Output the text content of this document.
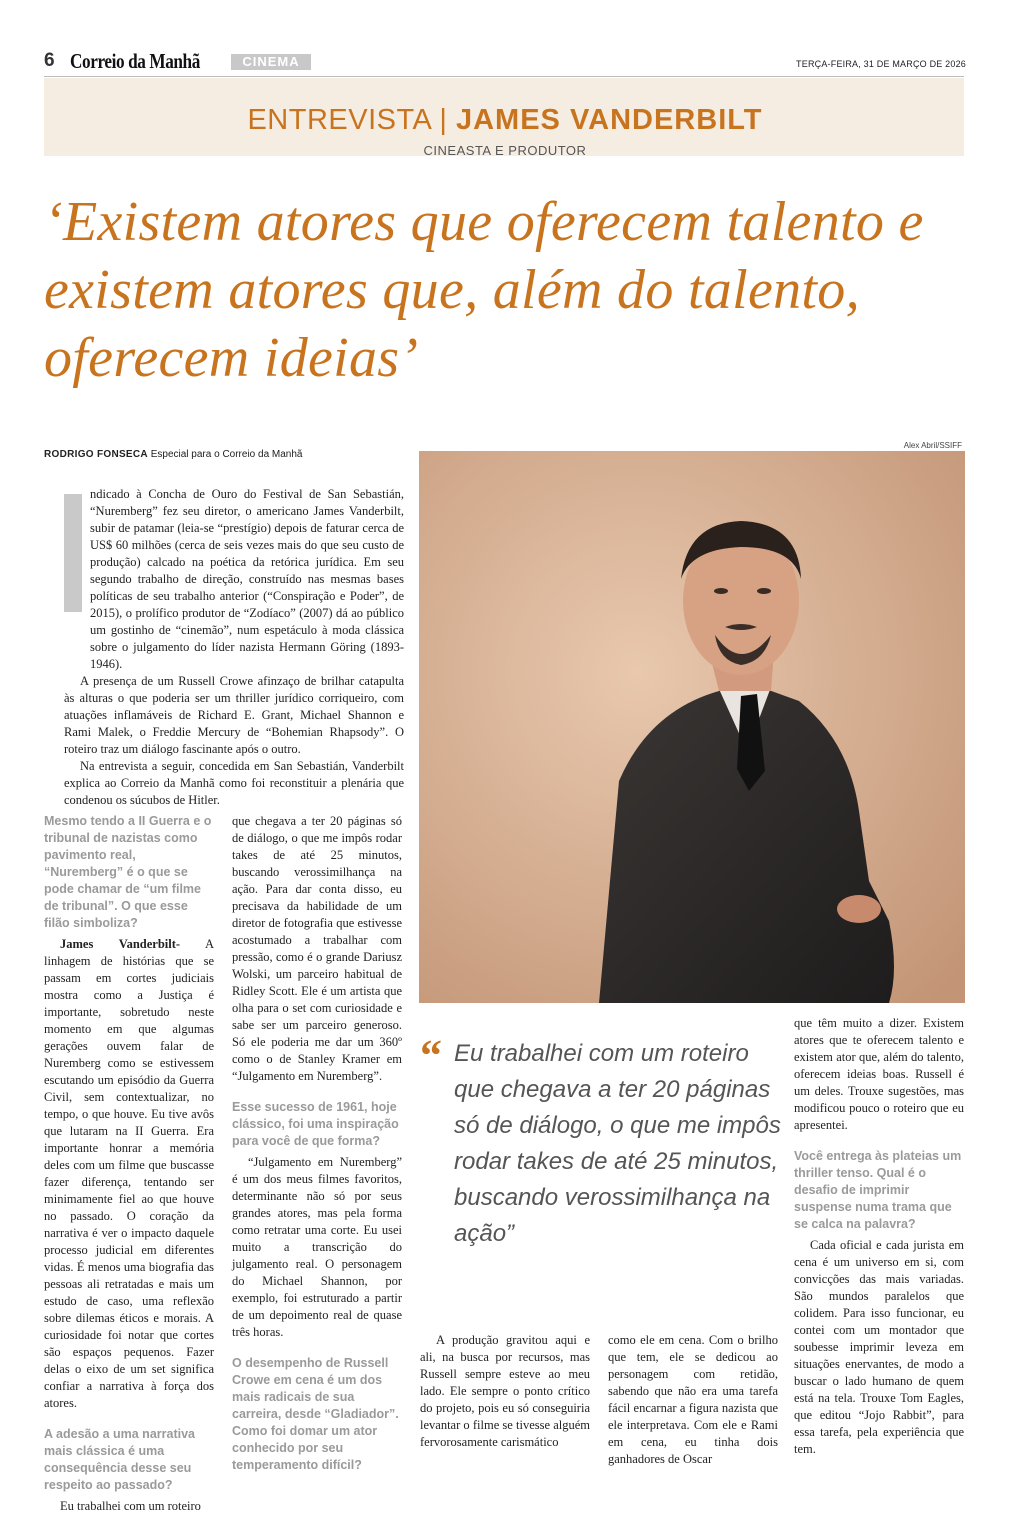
6 Correio da Manhã	CINEMA	TERÇA-FEIRA, 31 DE MARÇO DE 2026
ENTREVISTA | JAMES VANDERBILT
CINEASTA E PRODUTOR
‘Existem atores que oferecem talento e existem atores que, além do talento, oferecem ideias’
RODRIGO FONSECA Especial para o Correio da Manhã
Alex Abril/SSIFF

ndicado à Concha de Ouro do Festival de San Sebastián, “Nuremberg” fez seu diretor, o americano James Vanderbilt, subir de patamar (leia-se “prestígio) depois de faturar cerca de US$ 60 milhões (cerca de seis vezes mais do que seu custo de produção) calcado na poética da retórica jurídica. Em seu segundo trabalho de direção, construído nas mesmas bases políticas de seu trabalho anterior (“Conspiração e Poder”, de 2015), o prolífico produtor de “Zodíaco” (2007) dá ao público um gostinho de “cinemão”, num espetáculo à moda clássica sobre o julgamento do líder nazista Hermann Göring (1893-1946).

A presença de um Russell Crowe afinzaço de brilhar catapulta às alturas o que poderia ser um thriller jurídico corriqueiro, com atuações inflamáveis de Richard E. Grant, Michael Shannon e Rami Malek, o Freddie Mercury de “Bohemian Rhapsody”. O roteiro traz um diálogo fascinante após o outro.

Na entrevista a seguir, concedida em San Sebastián, Vanderbilt explica ao Correio da Manhã como foi reconstituir a plenária que condenou os súcubos de Hitler.

Mesmo tendo a II Guerra e o tribunal de nazistas como pavimento real, “Nuremberg” é o que se pode chamar de “um filme de tribunal”. O que esse filão simboliza?

James Vanderbilt- A linhagem de histórias que se passam em cortes judiciais mostra como a Justiça é importante, sobretudo neste momento em que algumas gerações ouvem falar de Nuremberg como se estivessem escutando um episódio da Guerra Civil, sem contextualizar, no tempo, o que houve. Eu tive avôs que lutaram na II Guerra. Era importante honrar a memória deles com um filme que buscasse fazer diferença, tentando ser minimamente fiel ao que houve no passado. O coração da narrativa é ver o impacto daquele processo judicial em diferentes vidas. É menos uma biografia das pessoas ali retratadas e mais um estudo de caso, uma reflexão sobre dilemas éticos e morais. A curiosidade foi notar que cortes são espaços pequenos. Fazer delas o eixo de um set significa confiar a narrativa à força dos atores.

A adesão a uma narrativa mais clássica é uma consequência desse seu respeito ao passado?

Eu trabalhei com um roteiro

que chegava a ter 20 páginas só de diálogo, o que me impôs rodar takes de até 25 minutos, buscando verossimilhança na ação. Para dar conta disso, eu precisava da habilidade de um diretor de fotografia que estivesse acostumado a trabalhar com pressão, como é o grande Dariusz Wolski, um parceiro habitual de Ridley Scott. Ele é um artista que olha para o set com curiosidade e sabe ser um parceiro generoso. Só ele poderia me dar um 360º como o de Stanley Kramer em “Julgamento em Nuremberg”.

Esse sucesso de 1961, hoje clássico, foi uma inspiração para você de que forma?

“Julgamento em Nuremberg” é um dos meus filmes favoritos, determinante não só por seus grandes atores, mas pela forma como retratar uma corte. Eu usei muito a transcrição do julgamento real. O personagem do Michael Shannon, por exemplo, foi estruturado a partir de um depoimento real de quase três horas.

O desempenho de Russell Crowe em cena é um dos mais radicais de sua carreira, desde “Gladiador”. Como foi domar um ator conhecido por seu temperamento difícil?
“ Eu trabalhei com um roteiro que chegava a ter 20 páginas só de diálogo, o que me impôs rodar takes de até 25 minutos, buscando verossimilhança na ação”

A produção gravitou aqui e ali, na busca por recursos, mas Russell sempre esteve ao meu lado. Ele sempre o ponto crítico do projeto, pois eu só conseguiria levantar o filme se tivesse alguém fervorosamente carismático

como ele em cena. Com o brilho que tem, ele se dedicou ao personagem com retidão, sabendo que não era uma tarefa fácil encarnar a figura nazista que ele interpretava. Com ele e Rami em cena, eu tinha dois ganhadores de Oscar

que têm muito a dizer. Existem atores que te oferecem talento e existem ator que, além do talento, oferecem ideias boas. Russell é um deles. Trouxe sugestões, mas modificou pouco o roteiro que eu apresentei.

Você entrega às plateias um thriller tenso. Qual é o desafio de imprimir suspense numa trama que se calca na palavra?

Cada oficial e cada jurista em cena é um universo em si, com convicções das mais variadas. São mundos paralelos que colidem. Para isso funcionar, eu contei com um montador que soubesse imprimir leveza em situações enervantes, de modo a buscar o lado humano de quem está na tela. Trouxe Tom Eagles, que editou “Jojo Rabbit”, para essa tarefa, pela experiência que tem.
